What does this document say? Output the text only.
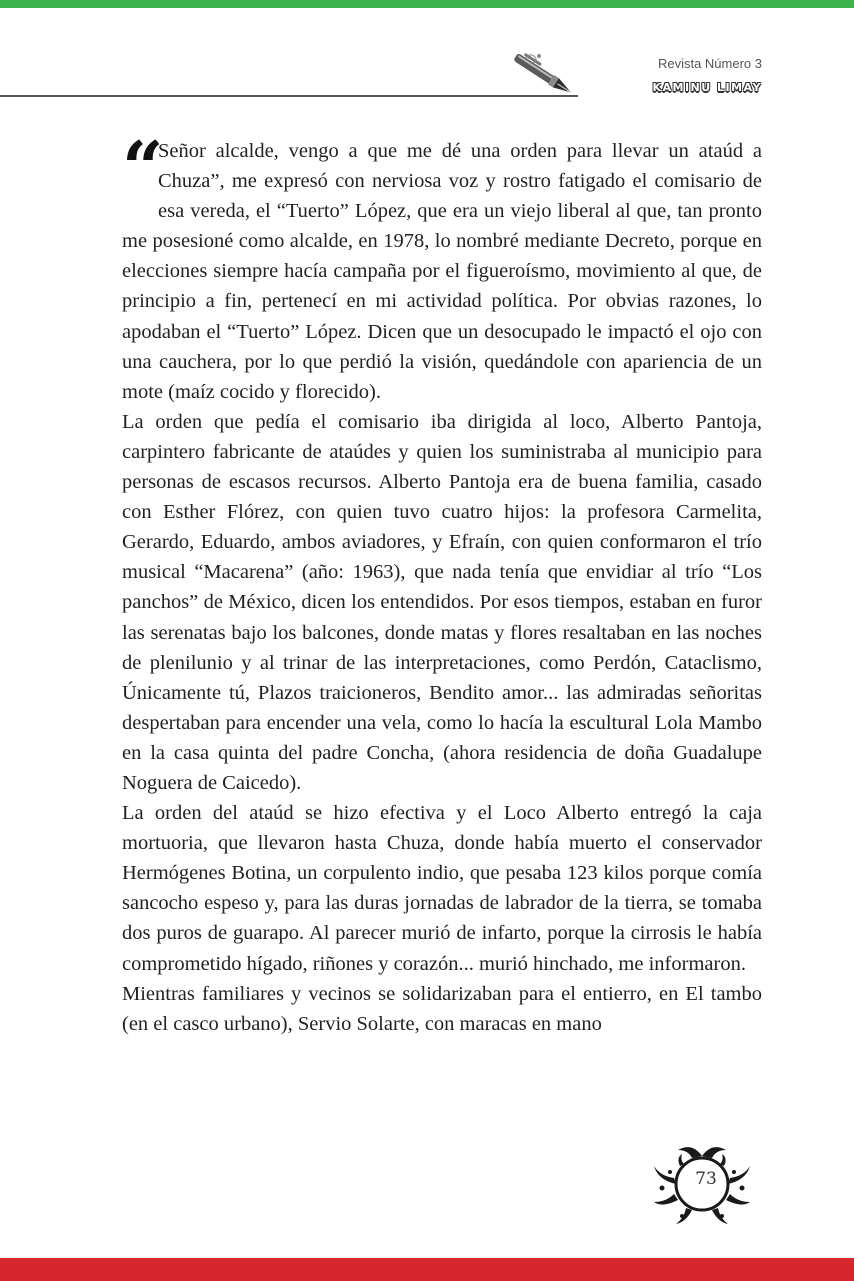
Revista Número 3
KAMINU LIMAY

“
Señor alcalde, vengo a que me dé una orden para llevar un ataúd a Chuza”, me expresó con nerviosa voz y rostro fatigado el comisario de esa vereda, el “Tuerto” López, que era un viejo liberal al que, tan pronto me posesioné como alcalde, en 1978, lo nombré mediante Decreto, porque en elecciones siempre hacía campaña por el figueroísmo, movimiento al que, de principio a fin, pertenecí en mi actividad política. Por obvias razones, lo apodaban el “Tuerto” López. Dicen que un desocupado le impactó el ojo con una cauchera, por lo que perdió la visión, quedándole con apariencia de un mote (maíz cocido y florecido).

La orden que pedía el comisario iba dirigida al loco, Alberto Pantoja, carpintero fabricante de ataúdes y quien los suministraba al municipio para personas de escasos recursos. Alberto Pantoja era de buena familia, casado con Esther Flórez, con quien tuvo cuatro hijos: la profesora Carmelita, Gerardo, Eduardo, ambos aviadores, y Efraín, con quien conformaron el trío musical “Macarena” (año: 1963), que nada tenía que envidiar al trío “Los panchos” de México, dicen los entendidos. Por esos tiempos, estaban en furor las serenatas bajo los balcones, donde matas y flores resaltaban en las noches de plenilunio y al trinar de las interpretaciones, como Perdón, Cataclismo, Únicamente tú, Plazos traicioneros, Bendito amor... las admiradas señoritas despertaban para encender una vela, como lo hacía la escultural Lola Mambo en la casa quinta del padre Concha, (ahora residencia de doña Guadalupe Noguera de Caicedo).

La orden del ataúd se hizo efectiva y el Loco Alberto entregó la caja mortuoria, que llevaron hasta Chuza, donde había muerto el conservador Hermógenes Botina, un corpulento indio, que pesaba 123 kilos porque comía sancocho espeso y, para las duras jornadas de labrador de la tierra, se tomaba dos puros de guarapo. Al parecer murió de infarto, porque la cirrosis le había comprometido hígado, riñones y corazón... murió hinchado, me informaron.

Mientras familiares y vecinos se solidarizaban para el entierro, en El tambo (en el casco urbano), Servio Solarte, con maracas en mano

73
